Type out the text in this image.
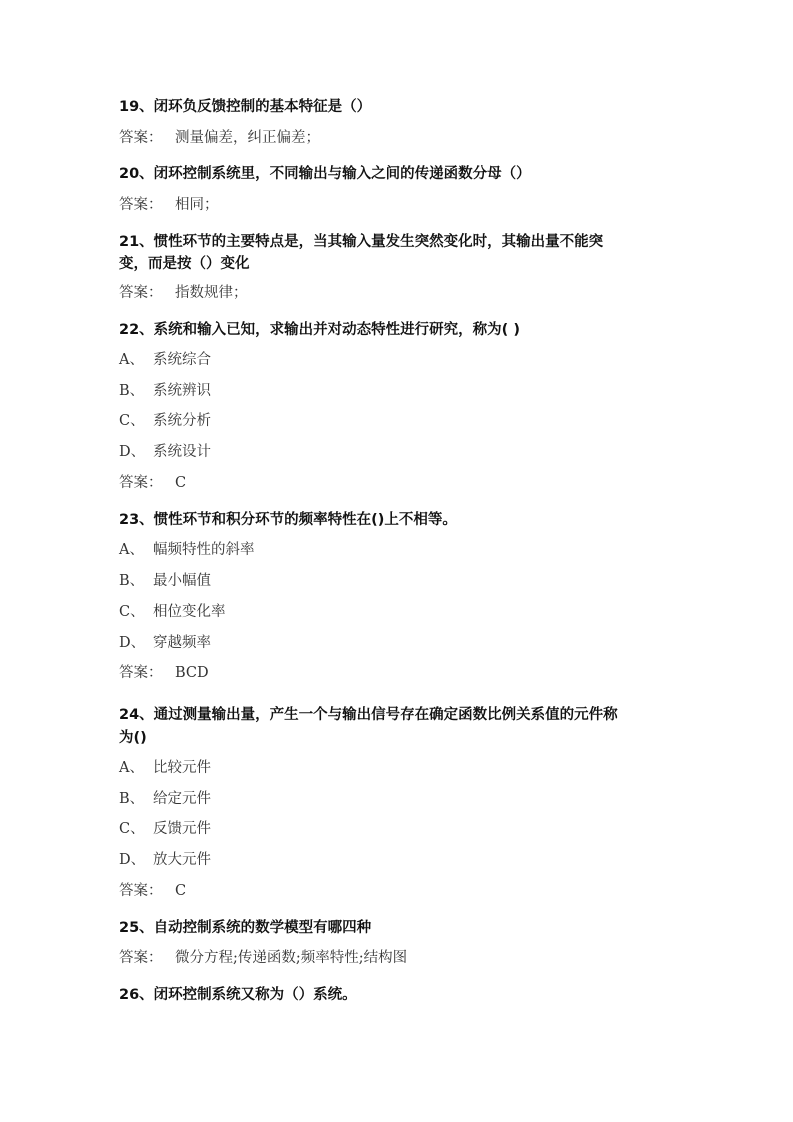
19、闭环负反馈控制的基本特征是（）
答案： 测量偏差，纠正偏差；
20、闭环控制系统里，不同输出与输入之间的传递函数分母（）
答案： 相同；
21、惯性环节的主要特点是，当其输入量发生突然变化时，其输出量不能突
变，而是按（）变化
答案： 指数规律；
22、系统和输入已知，求输出并对动态特性进行研究，称为( )
A、 系统综合
B、 系统辨识
C、 系统分析
D、 系统设计
答案： C
23、惯性环节和积分环节的频率特性在()上不相等。
A、 幅频特性的斜率
B、 最小幅值
C、 相位变化率
D、 穿越频率
答案： BCD
24、通过测量输出量，产生一个与输出信号存在确定函数比例关系值的元件称
为()
A、 比较元件
B、 给定元件
C、 反馈元件
D、 放大元件
答案： C
25、自动控制系统的数学模型有哪四种
答案： 微分方程;传递函数;频率特性;结构图
26、闭环控制系统又称为（）系统。
